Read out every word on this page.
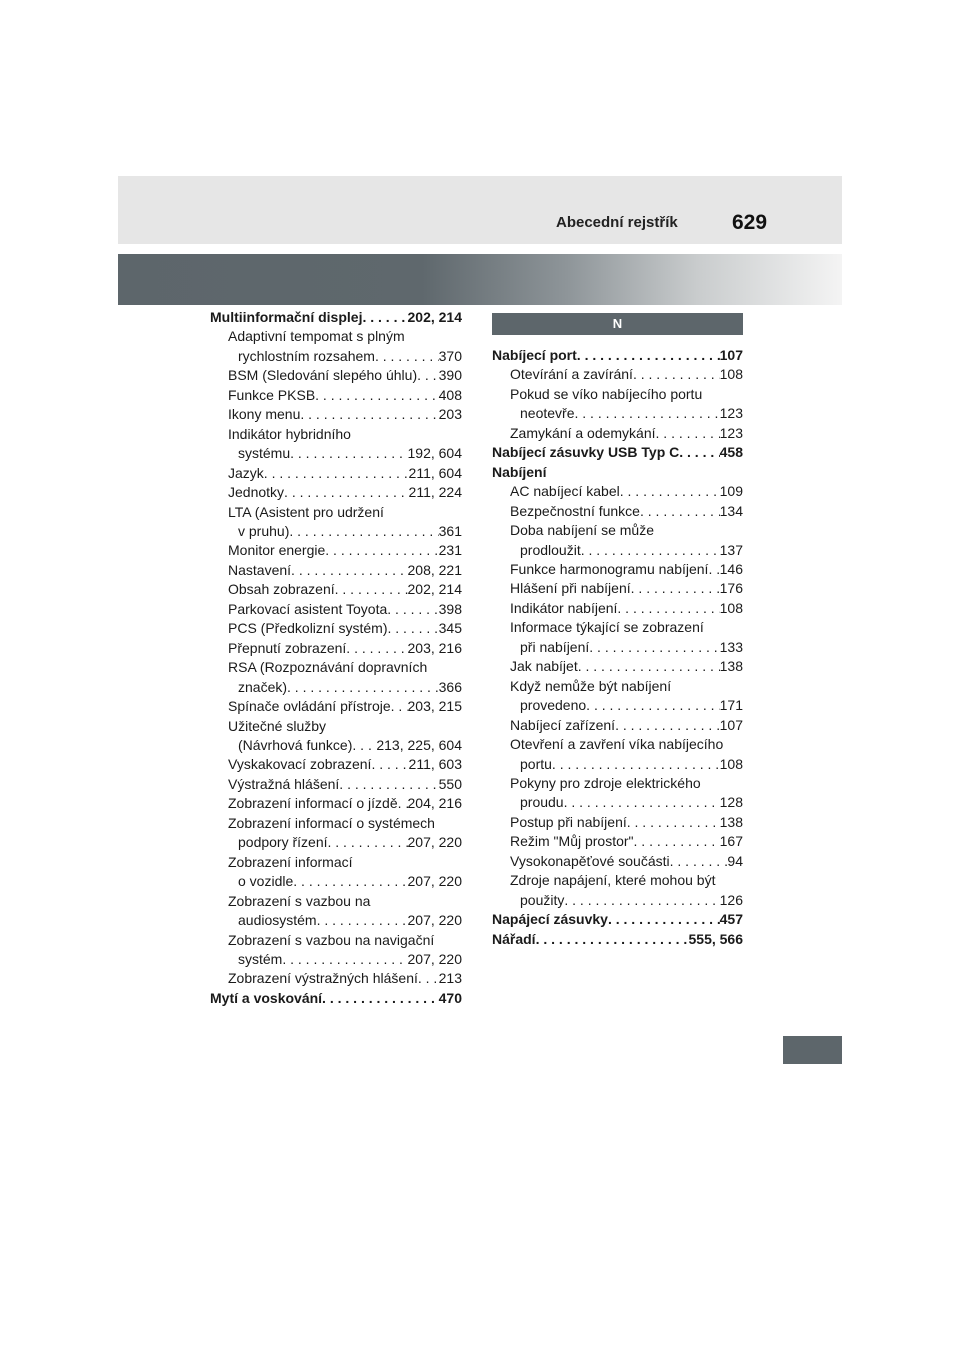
Abecední rejstřík	629
Multiinformační displej . . .	202, 214
Adaptivní tempomat s plným
rychlostním rozsahem . . .	370
BSM (Sledování slepého úhlu) . . . 390
Funkce PKSB . . .	408
Ikony menu . . .	203
Indikátor hybridního
systému . . .	192, 604
Jazyk . . .	211, 604
Jednotky . . .	211, 224
LTA (Asistent pro udržení
v pruhu) . . .	361
Monitor energie . . .	231
Nastavení . . .	208, 221
Obsah zobrazení . . .	202, 214
Parkovací asistent Toyota . . .	398
PCS (Předkolizní systém) . . .	345
Přepnutí zobrazení . . .	203, 216
RSA (Rozpoznávání dopravních
značek) . . .	366
Spínače ovládání přístroje . . . 203, 215
Užitečné služby
(Návrhová funkce) . . . 213, 225, 604
Vyskakovací zobrazení . . .	211, 603
Výstražná hlášení . . .	550
Zobrazení informací o jízdě . . . 204, 216
Zobrazení informací o systémech
podpory řízení . . .	207, 220
Zobrazení informací
o vozidle . . .	207, 220
Zobrazení s vazbou na
audiosystém . . .	207, 220
Zobrazení s vazbou na navigační
systém . . .	207, 220
Zobrazení výstražných hlášení . . . 213
Mytí a voskování . . .	470
N
Nabíjecí port . . .	107
Otevírání a zavírání . . .	108
Pokud se víko nabíjecího portu
neotevře . . .	123
Zamykání a odemykání . . .	123
Nabíjecí zásuvky USB Typ C . . .	458
Nabíjení
AC nabíjecí kabel . . .	109
Bezpečnostní funkce . . .	134
Doba nabíjení se může
prodloužit . . .	137
Funkce harmonogramu nabíjení . . . 146
Hlášení při nabíjení . . .	176
Indikátor nabíjení . . .	108
Informace týkající se zobrazení
při nabíjení . . .	133
Jak nabíjet . . .	138
Když nemůže být nabíjení
provedeno . . .	171
Nabíjecí zařízení . . .	107
Otevření a zavření víka nabíjecího
portu . . .	108
Pokyny pro zdroje elektrického
proudu . . .	128
Postup při nabíjení . . .	138
Režim "Můj prostor" . . .	167
Vysokonapěťové součásti . . .	94
Zdroje napájení, které mohou být
použity . . .	126
Napájecí zásuvky . . .	457
Nářadí . . .	555, 566
